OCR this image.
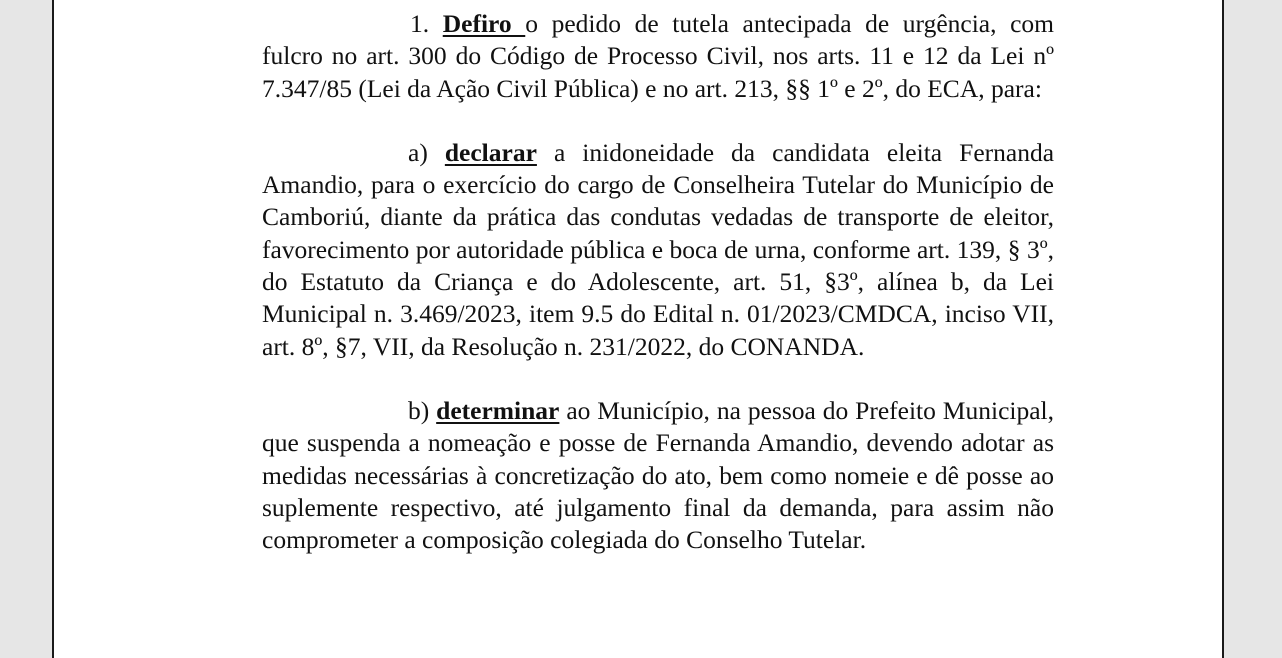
1. Defiro o pedido de tutela antecipada de urgência, com fulcro no art. 300 do Código de Processo Civil, nos arts. 11 e 12 da Lei nº 7.347/85 (Lei da Ação Civil Pública) e no art. 213, §§ 1º e 2º, do ECA, para:

a) declarar a inidoneidade da candidata eleita Fernanda Amandio, para o exercício do cargo de Conselheira Tutelar do Município de Camboriú, diante da prática das condutas vedadas de transporte de eleitor, favorecimento por autoridade pública e boca de urna, conforme art. 139, § 3º, do Estatuto da Criança e do Adolescente, art. 51, §3º, alínea b, da Lei Municipal n. 3.469/2023, item 9.5 do Edital n. 01/2023/CMDCA, inciso VII, art. 8º, §7, VII, da Resolução n. 231/2022, do CONANDA.

b) determinar ao Município, na pessoa do Prefeito Municipal, que suspenda a nomeação e posse de Fernanda Amandio, devendo adotar as medidas necessárias à concretização do ato, bem como nomeie e dê posse ao suplemente respectivo, até julgamento final da demanda, para assim não comprometer a composição colegiada do Conselho Tutelar.
